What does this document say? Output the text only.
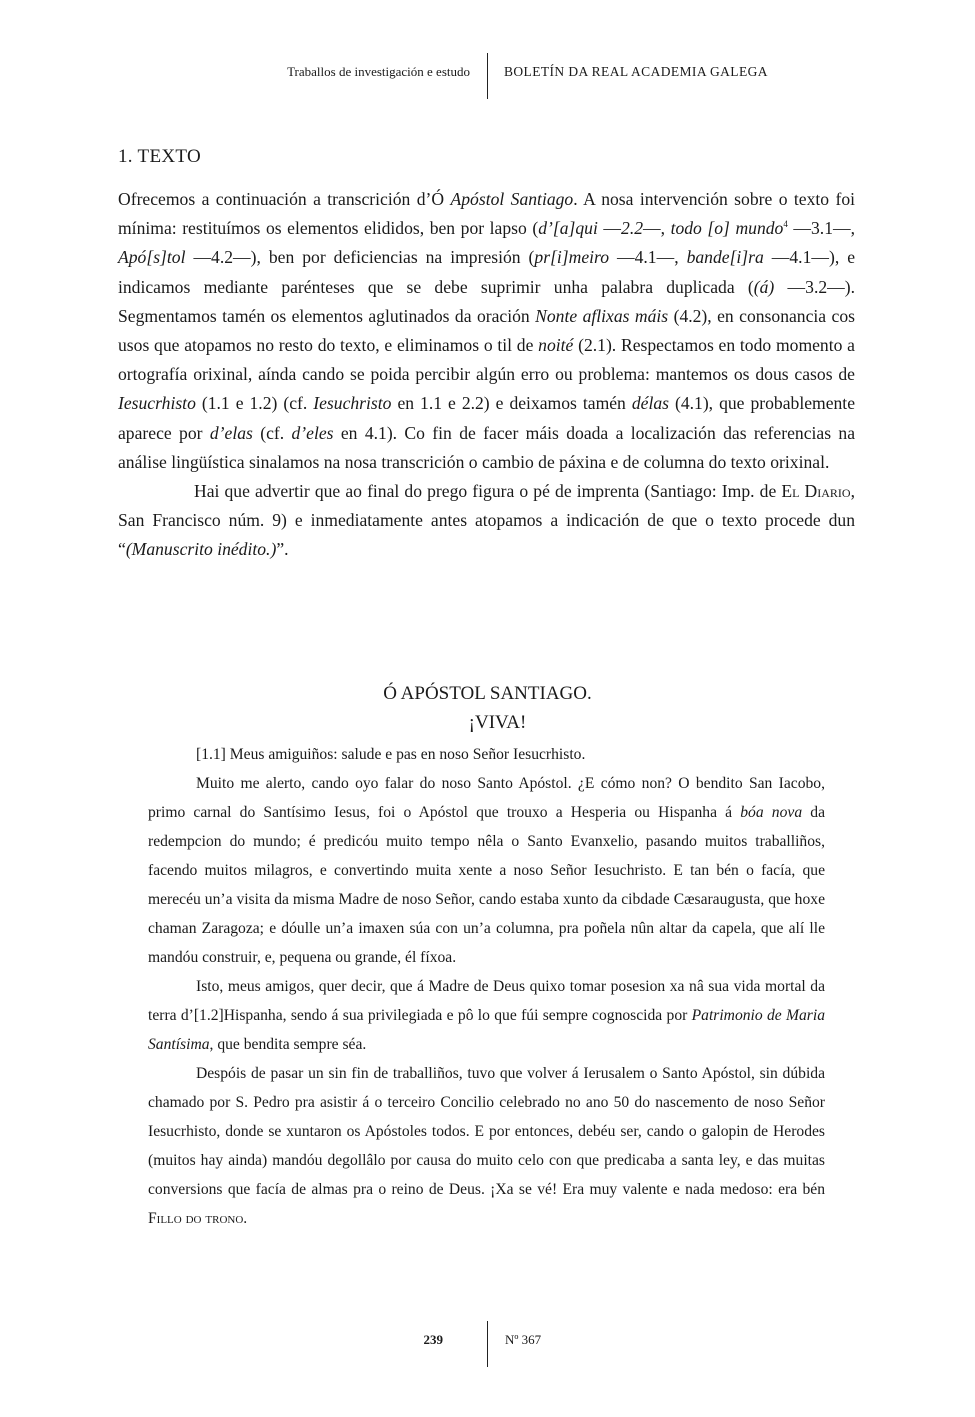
Traballos de investigación e estudo	BOLETÍN DA REAL ACADEMIA GALEGA
1. TEXTO

Ofrecemos a continuación a transcrición d’Ó Apóstol Santiago. A nosa intervención sobre o texto foi mínima: restituímos os elementos elididos, ben por lapso (d’[a]qui —2.2—, todo [o] mundo$^4$ —3.1—, Apó[s]tol —4.2—), ben por deficiencias na impresión (pr[i]meiro —4.1—, bande[i]ra —4.1—), e indicamos mediante parénteses que se debe suprimir unha palabra duplicada ((á) —3.2—). Segmentamos tamén os elementos aglutinados da oración Nonte aflixas máis (4.2), en consonancia cos usos que atopamos no resto do texto, e eliminamos o til de noité (2.1). Respectamos en todo momento a ortografía orixinal, aínda cando se poida percibir algún erro ou problema: mantemos os dous casos de Iesucrhisto (1.1 e 1.2) (cf. Iesuchristo en 1.1 e 2.2) e deixamos tamén délas (4.1), que probablemente aparece por d’elas (cf. d’eles en 4.1). Co fin de facer máis doada a localización das referencias na análise lingüística sinalamos na nosa transcrición o cambio de páxina e de columna do texto orixinal.

Hai que advertir que ao final do prego figura o pé de imprenta (Santiago: Imp. de El Diario, San Francisco núm. 9) e inmediatamente antes atopamos a indicación de que o texto procede dun “(Manuscrito inédito.)”.

Ó APÓSTOL SANTIAGO.
¡VIVA!

[1.1] Meus amiguiños: salude e pas en noso Señor Iesucrhisto.

Muito me alerto, cando oyo falar do noso Santo Apóstol. ¿E cómo non? O bendito San Iacobo, primo carnal do Santísimo Iesus, foi o Apóstol que trouxo a Hesperia ou Hispanha á bóa nova da redempcion do mundo; é predicóu muito tempo nêla o Santo Evanxelio, pasando muitos traballiños, facendo muitos milagros, e convertindo muita xente a noso Señor Iesuchristo. E tan bén o facía, que merecéu un’a visita da misma Madre de noso Señor, cando estaba xunto da cibdade Cæsaraugusta, que hoxe chaman Zaragoza; e dóulle un’a imaxen súa con un’a columna, pra poñela nûn altar da capela, que alí lle mandóu construir, e, pequena ou grande, él fíxoa.

Isto, meus amigos, quer decir, que á Madre de Deus quixo tomar posesion xa nâ sua vida mortal da terra d’[1.2]Hispanha, sendo á sua privilegiada e pô lo que fúi sempre cognoscida por Patrimonio de Maria Santísima, que bendita sempre séa.

Despóis de pasar un sin fin de traballiños, tuvo que volver á Ierusalem o Santo Apóstol, sin dúbida chamado por S. Pedro pra asistir á o terceiro Concilio celebrado no ano 50 do nascemento de noso Señor Iesucrhisto, donde se xuntaron os Apóstoles todos. E por entonces, debéu ser, cando o galopin de Herodes (muitos hay ainda) mandóu degollâlo por causa do muito celo con que predicaba a santa ley, e das muitas conversions que facía de almas pra o reino de Deus. ¡Xa se vé! Era muy valente e nada medoso: era bén Fillo do trono.

239	Nº 367
